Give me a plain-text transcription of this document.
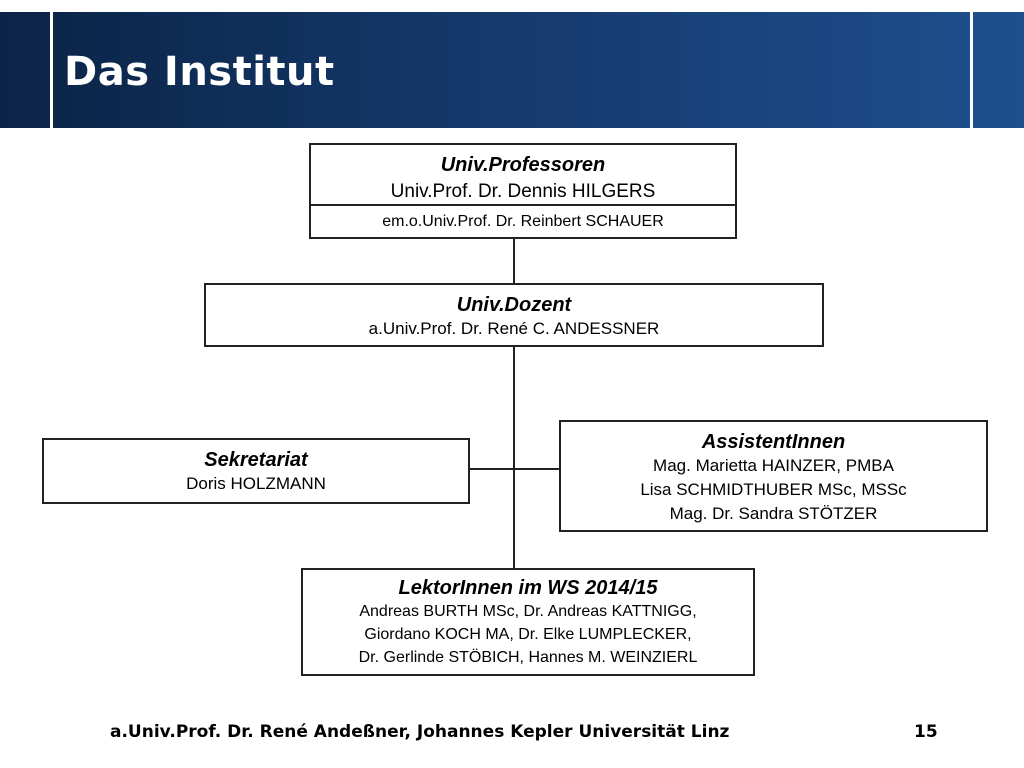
Das Institut
Univ.Professoren
Univ.Prof. Dr. Dennis HILGERS
em.o.Univ.Prof. Dr. Reinbert SCHAUER
Univ.Dozent
a.Univ.Prof. Dr. René C. ANDESSNER
Sekretariat
Doris HOLZMANN
AssistentInnen
Mag. Marietta HAINZER, PMBA
Lisa SCHMIDTHUBER MSc, MSSc
Mag. Dr. Sandra STÖTZER
LektorInnen im WS 2014/15
Andreas BURTH MSc, Dr. Andreas KATTNIGG,
Giordano KOCH MA, Dr. Elke LUMPLECKER,
Dr. Gerlinde STÖBICH, Hannes M. WEINZIERL
a.Univ.Prof. Dr. René Andeßner, Johannes Kepler Universität Linz	15
